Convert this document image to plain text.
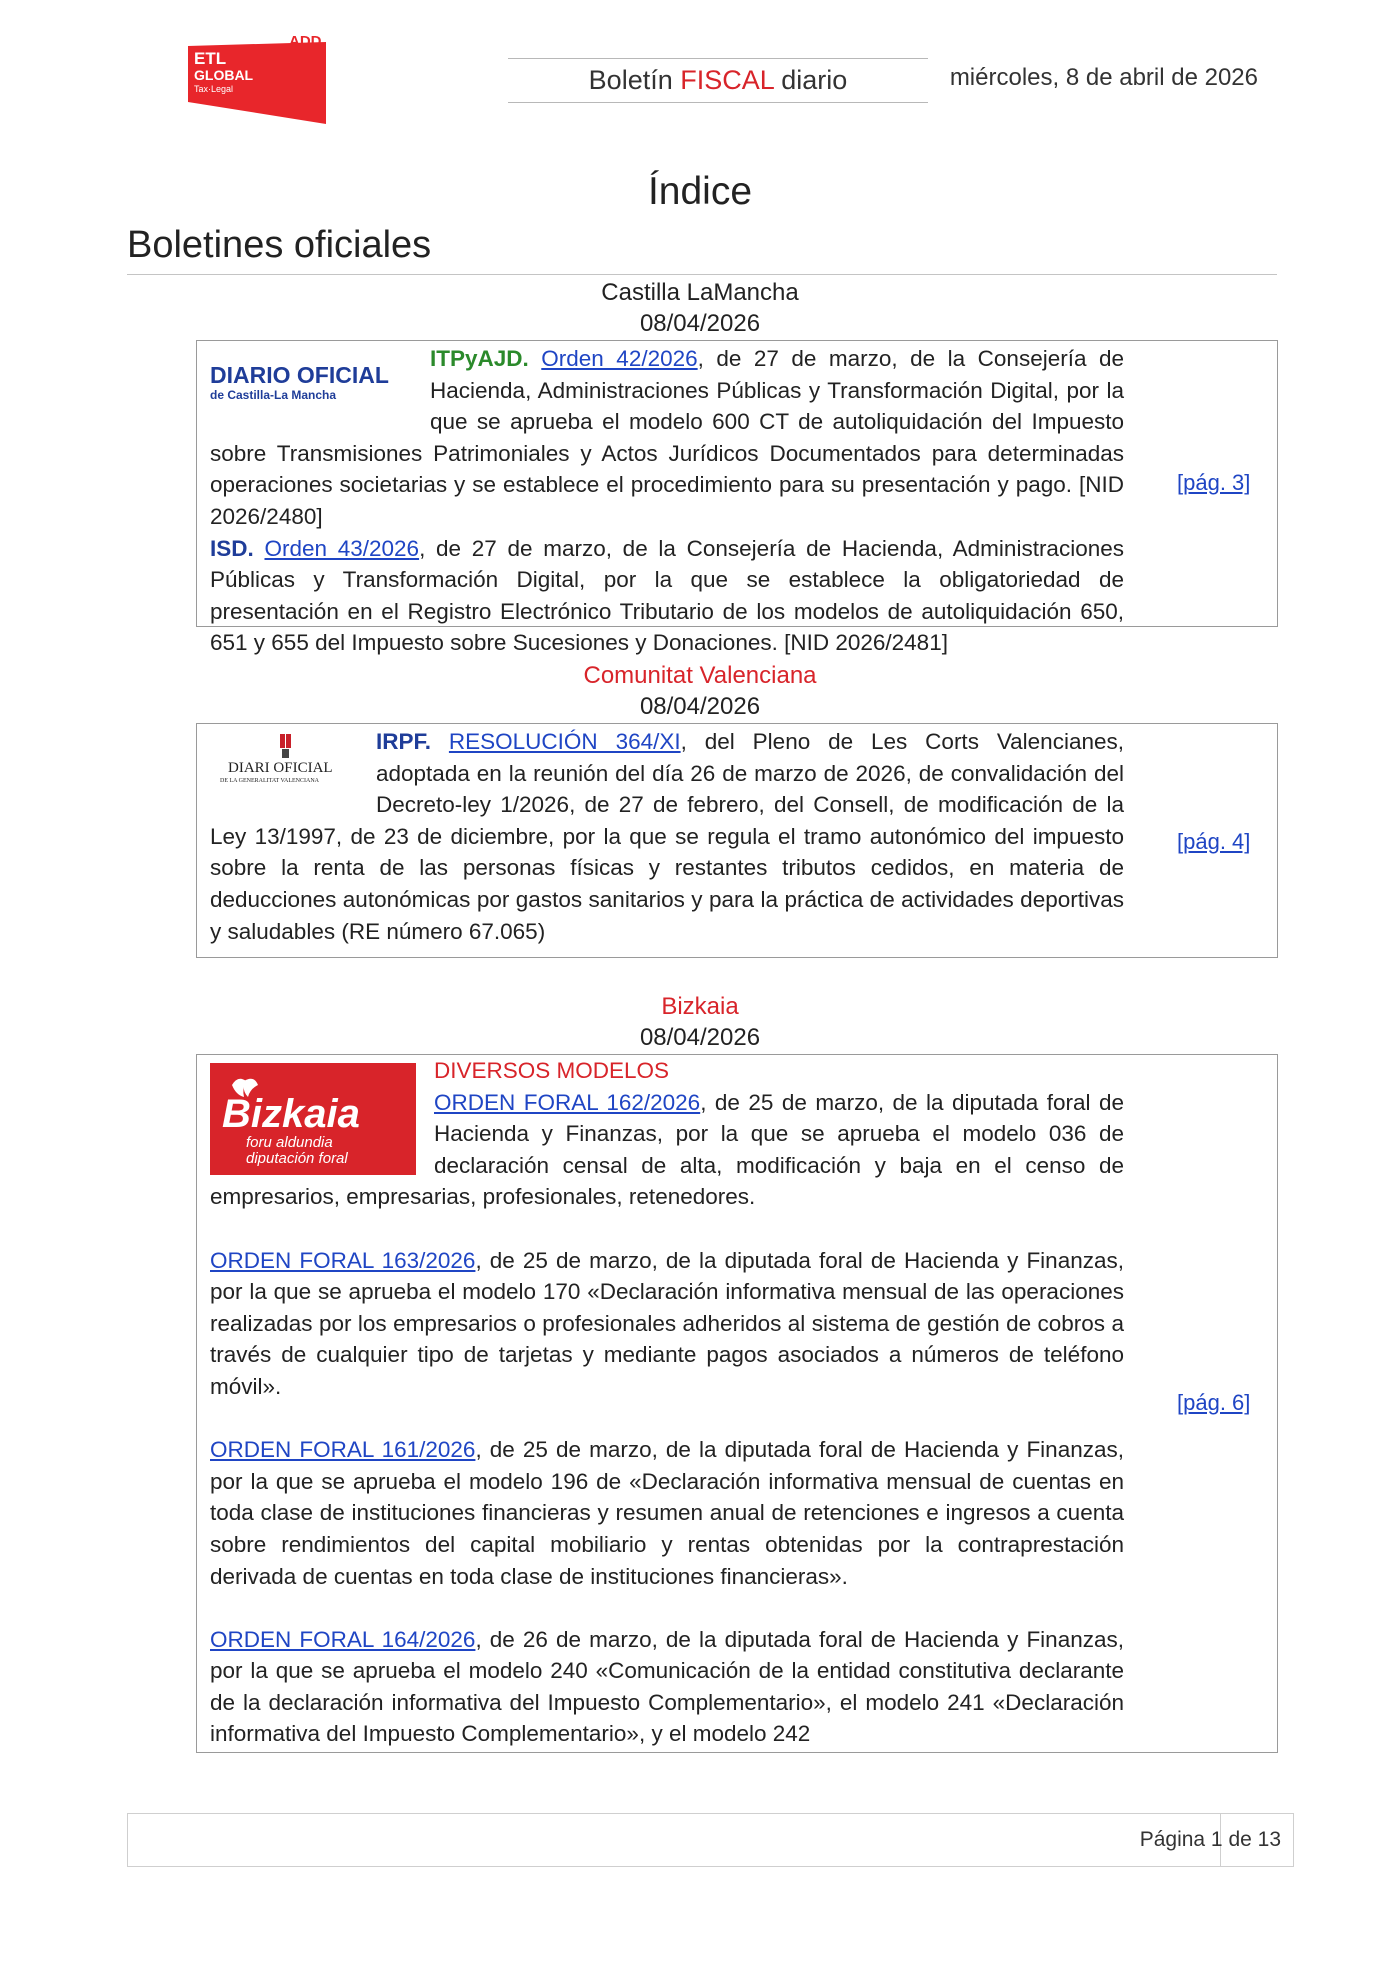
ADD
ETL
GLOBAL
Tax·Legal	Boletín FISCAL diario	miércoles, 8 de abril de 2026
Índice
Boletines oficiales
Castilla LaMancha
08/04/2026

DIARIO OFICIAL
de Castilla-La Mancha
ITPyAJD. Orden 42/2026, de 27 de marzo, de la Consejería de Hacienda, Administraciones Públicas y Transformación Digital, por la que se aprueba el modelo 600 CT de autoliquidación del Impuesto sobre Transmisiones Patrimoniales y Actos Jurídicos Documentados para determinadas operaciones societarias y se establece el procedimiento para su presentación y pago. [NID 2026/2480]

ISD. Orden 43/2026, de 27 de marzo, de la Consejería de Hacienda, Administraciones Públicas y Transformación Digital, por la que se establece la obligatoriedad de presentación en el Registro Electrónico Tributario de los modelos de autoliquidación 650, 651 y 655 del Impuesto sobre Sucesiones y Donaciones. [NID 2026/2481]

[pág. 3]
Comunitat Valenciana
08/04/2026

DIARI OFICIAL
DE LA GENERALITAT VALENCIANA
IRPF. RESOLUCIÓN 364/XI, del Pleno de Les Corts Valencianes, adoptada en la reunión del día 26 de marzo de 2026, de convalidación del Decreto-ley 1/2026, de 27 de febrero, del Consell, de modificación de la Ley 13/1997, de 23 de diciembre, por la que se regula el tramo autonómico del impuesto sobre la renta de las personas físicas y restantes tributos cedidos, en materia de deducciones autonómicas por gastos sanitarios y para la práctica de actividades deportivas y saludables (RE número 67.065)

[pág. 4]
Bizkaia
08/04/2026

Bizkaia
foru aldundia
diputación foral
DIVERSOS MODELOS
ORDEN FORAL 162/2026, de 25 de marzo, de la diputada foral de Hacienda y Finanzas, por la que se aprueba el modelo 036 de declaración censal de alta, modificación y baja en el censo de empresarios, empresarias, profesionales, retenedores.

ORDEN FORAL 163/2026, de 25 de marzo, de la diputada foral de Hacienda y Finanzas, por la que se aprueba el modelo 170 «Declaración informativa mensual de las operaciones realizadas por los empresarios o profesionales adheridos al sistema de gestión de cobros a través de cualquier tipo de tarjetas y mediante pagos asociados a números de teléfono móvil».

ORDEN FORAL 161/2026, de 25 de marzo, de la diputada foral de Hacienda y Finanzas, por la que se aprueba el modelo 196 de «Declaración informativa mensual de cuentas en toda clase de instituciones financieras y resumen anual de retenciones e ingresos a cuenta sobre rendimientos del capital mobiliario y rentas obtenidas por la contraprestación derivada de cuentas en toda clase de instituciones financieras».

ORDEN FORAL 164/2026, de 26 de marzo, de la diputada foral de Hacienda y Finanzas, por la que se aprueba el modelo 240 «Comunicación de la entidad constitutiva declarante de la declaración informativa del Impuesto Complementario», el modelo 241 «Declaración informativa del Impuesto Complementario», y el modelo 242

[pág. 6]
Página 1 de 13
